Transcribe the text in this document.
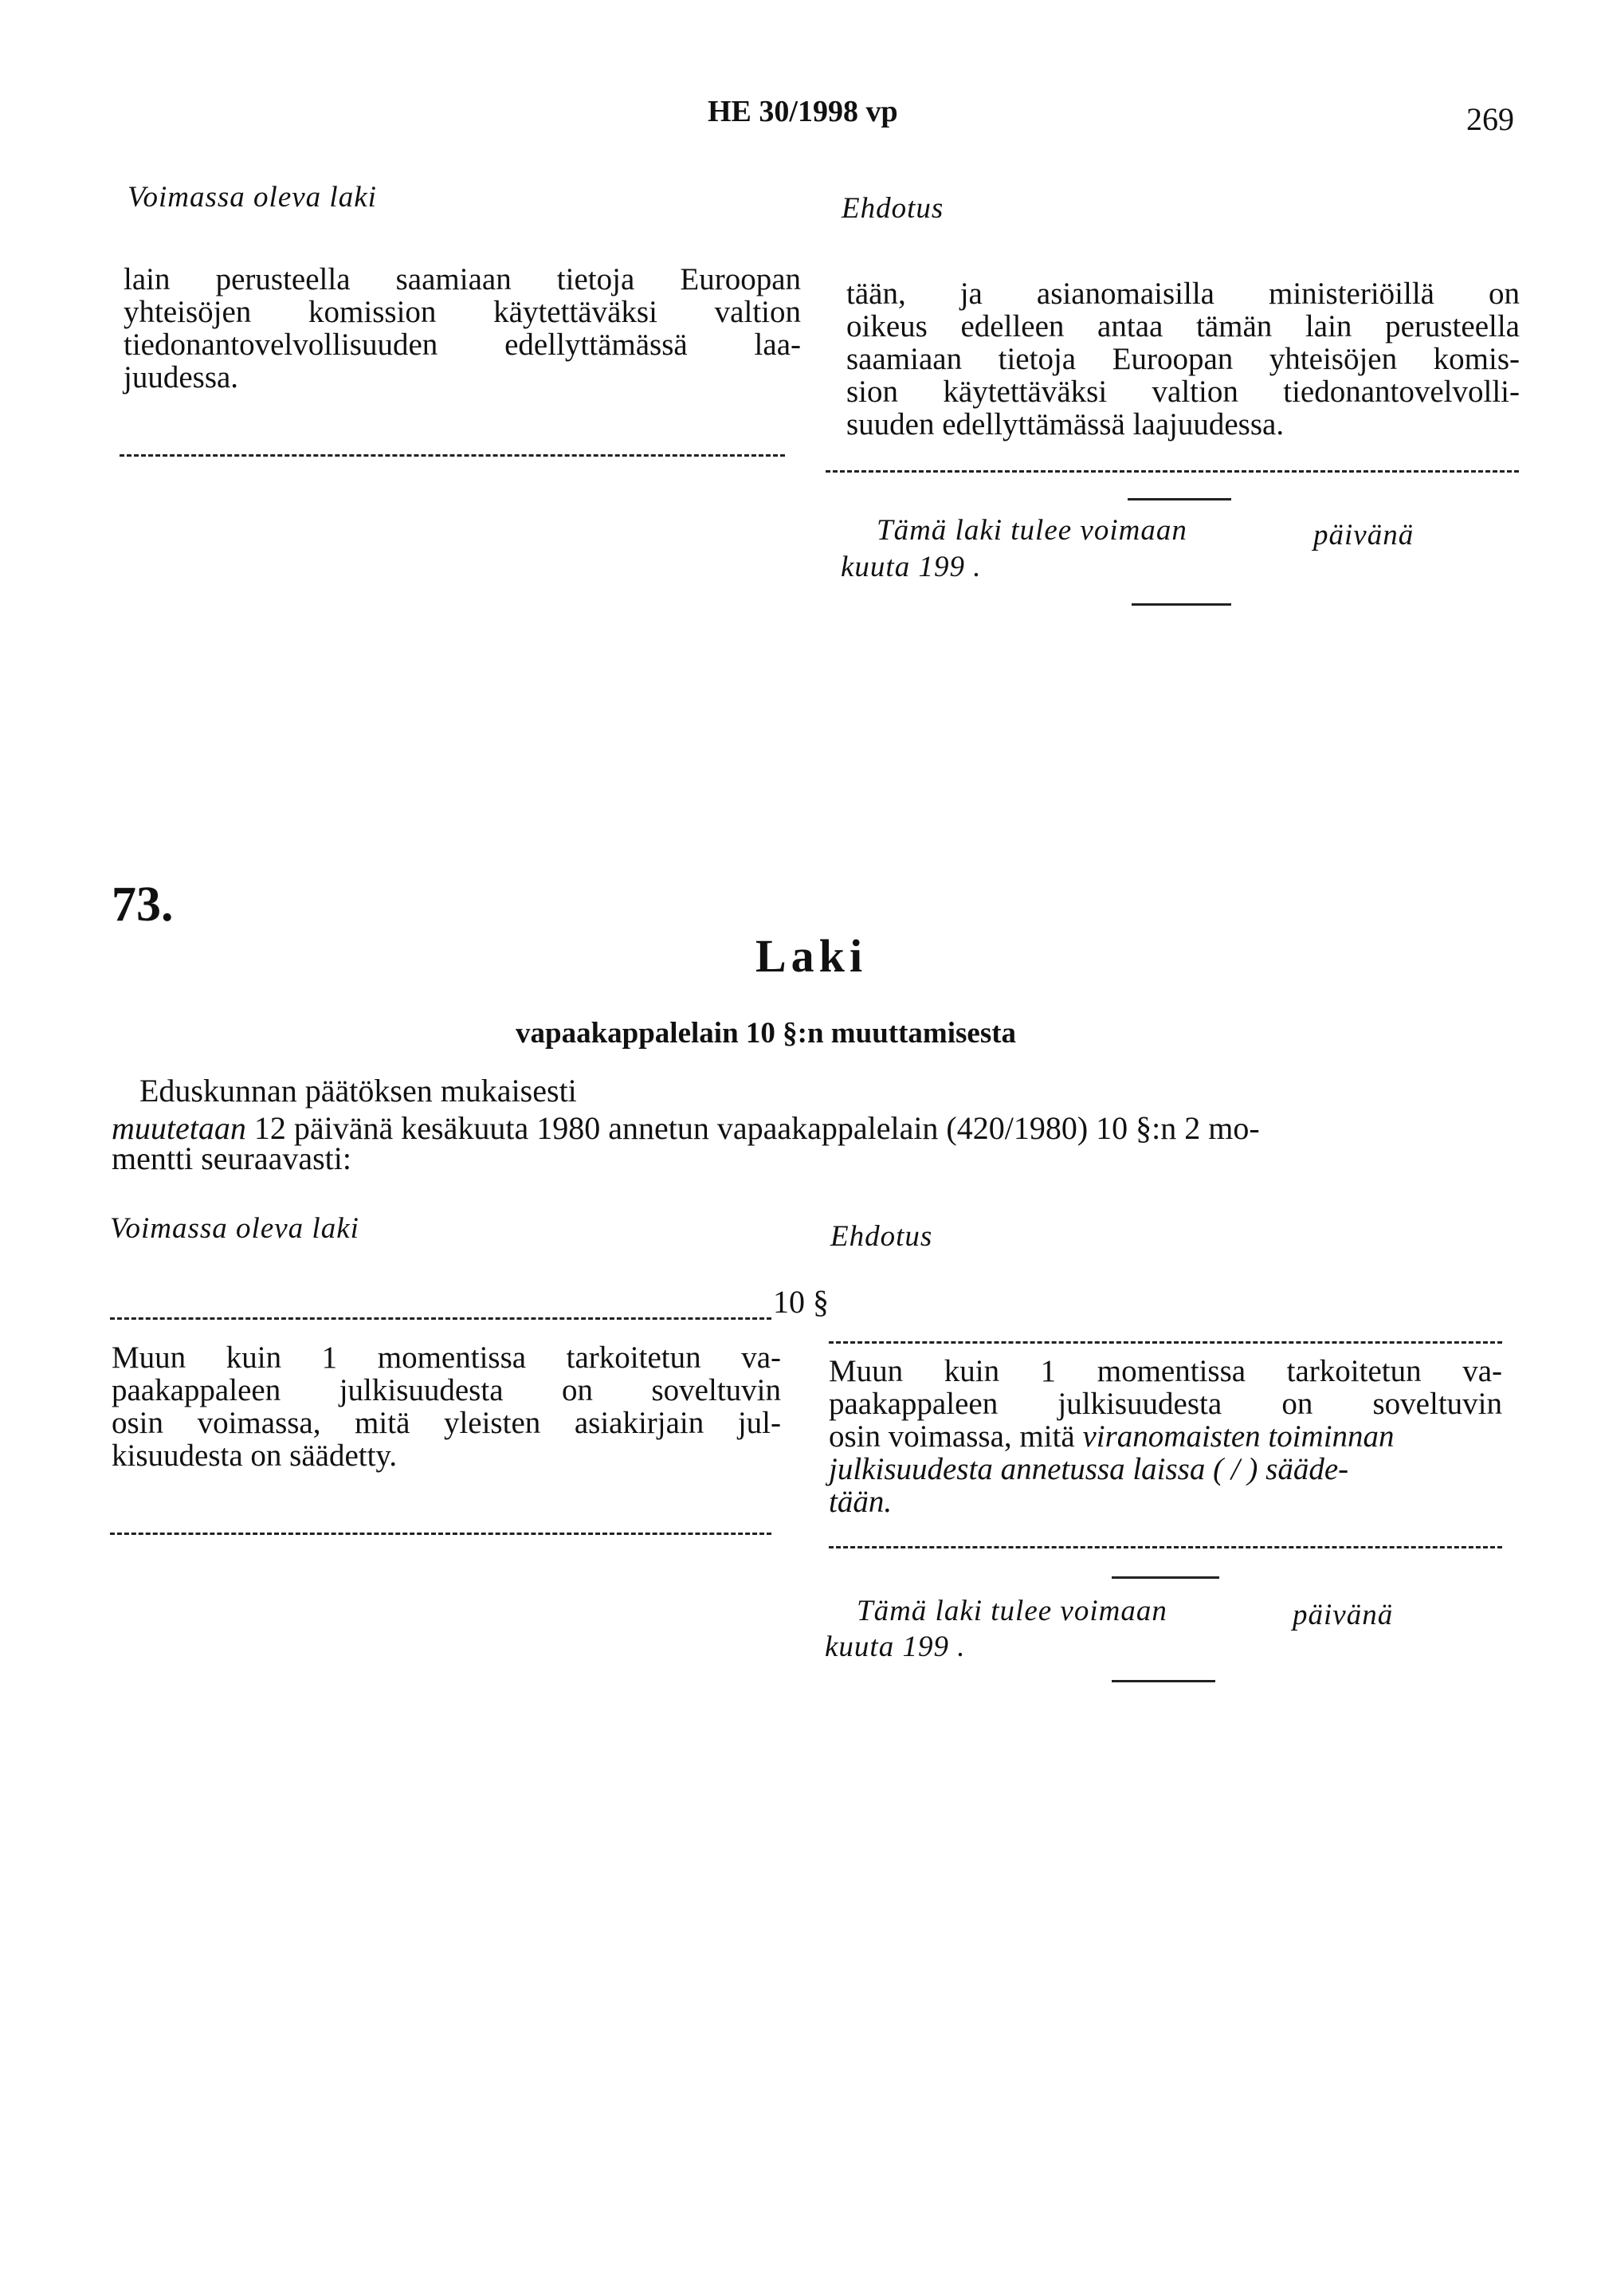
HE 30/1998 vp	269
Voimassa oleva laki	Ehdotus
lain perusteella saamiaan tietoja Euroopan
yhteisöjen komission käytettäväksi valtion
tiedonantovelvollisuuden edellyttämässä laa-
juudessa.
tään, ja asianomaisilla ministeriöillä on
oikeus edelleen antaa tämän lain perusteella
saamiaan tietoja Euroopan yhteisöjen komis-
sion käytettäväksi valtion tiedonantovelvolli-
suuden edellyttämässä laajuudessa.
Tämä laki tulee voimaan	päivänä
kuuta 199 .
73.
Laki
vapaakappalelain 10 §:n muuttamisesta
Eduskunnan päätöksen mukaisesti
muutetaan 12 päivänä kesäkuuta 1980 annetun vapaakappalelain (420/1980) 10 §:n 2 mo-
mentti seuraavasti:
Voimassa oleva laki	Ehdotus
10 §
Muun kuin 1 momentissa tarkoitetun va-
paakappaleen julkisuudesta on soveltuvin
osin voimassa, mitä yleisten asiakirjain jul-
kisuudesta on säädetty.
Muun kuin 1 momentissa tarkoitetun va-
paakappaleen julkisuudesta on soveltuvin
osin voimassa, mitä viranomaisten toiminnan
julkisuudesta annetussa laissa ( / ) sääde-
tään.
Tämä laki tulee voimaan	päivänä
kuuta 199 .
